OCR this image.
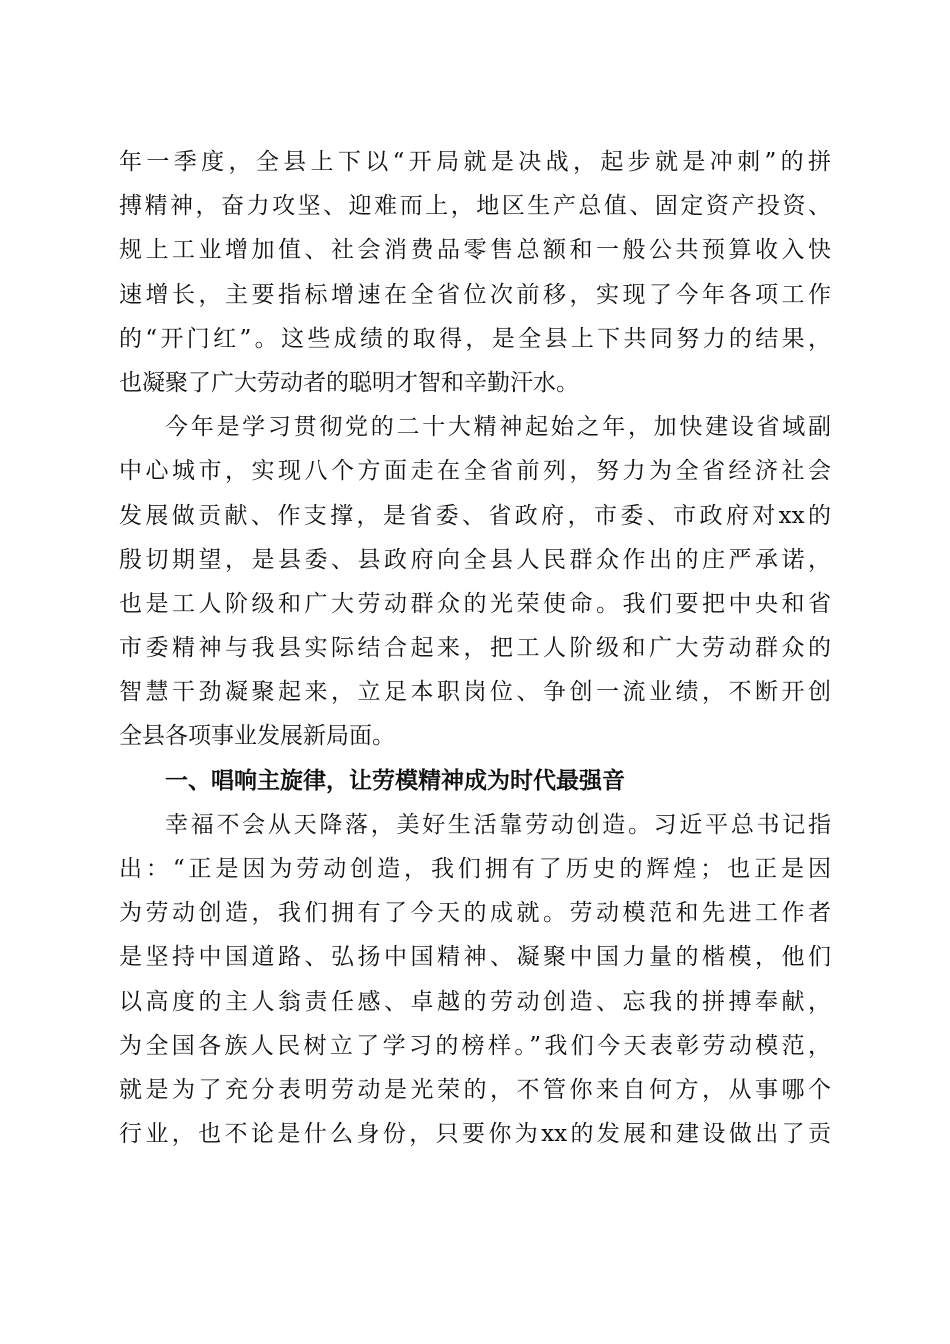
年一季度，全县上下以“开局就是决战，起步就是冲刺”的拼
搏精神，奋力攻坚、迎难而上，地区生产总值、固定资产投资、
规上工业增加值、社会消费品零售总额和一般公共预算收入快
速增长，主要指标增速在全省位次前移，实现了今年各项工作
的“开门红”。这些成绩的取得，是全县上下共同努力的结果，
也凝聚了广大劳动者的聪明才智和辛勤汗水。
今年是学习贯彻党的二十大精神起始之年，加快建设省域副
中心城市，实现八个方面走在全省前列，努力为全省经济社会
发展做贡献、作支撑，是省委、省政府，市委、市政府对xx的
殷切期望，是县委、县政府向全县人民群众作出的庄严承诺，
也是工人阶级和广大劳动群众的光荣使命。我们要把中央和省
市委精神与我县实际结合起来，把工人阶级和广大劳动群众的
智慧干劲凝聚起来，立足本职岗位、争创一流业绩，不断开创
全县各项事业发展新局面。
一、唱响主旋律，让劳模精神成为时代最强音
幸福不会从天降落，美好生活靠劳动创造。习近平总书记指
出：“正是因为劳动创造，我们拥有了历史的辉煌；也正是因
为劳动创造，我们拥有了今天的成就。劳动模范和先进工作者
是坚持中国道路、弘扬中国精神、凝聚中国力量的楷模，他们
以高度的主人翁责任感、卓越的劳动创造、忘我的拼搏奉献，
为全国各族人民树立了学习的榜样。”我们今天表彰劳动模范，
就是为了充分表明劳动是光荣的，不管你来自何方，从事哪个
行业，也不论是什么身份，只要你为xx的发展和建设做出了贡
